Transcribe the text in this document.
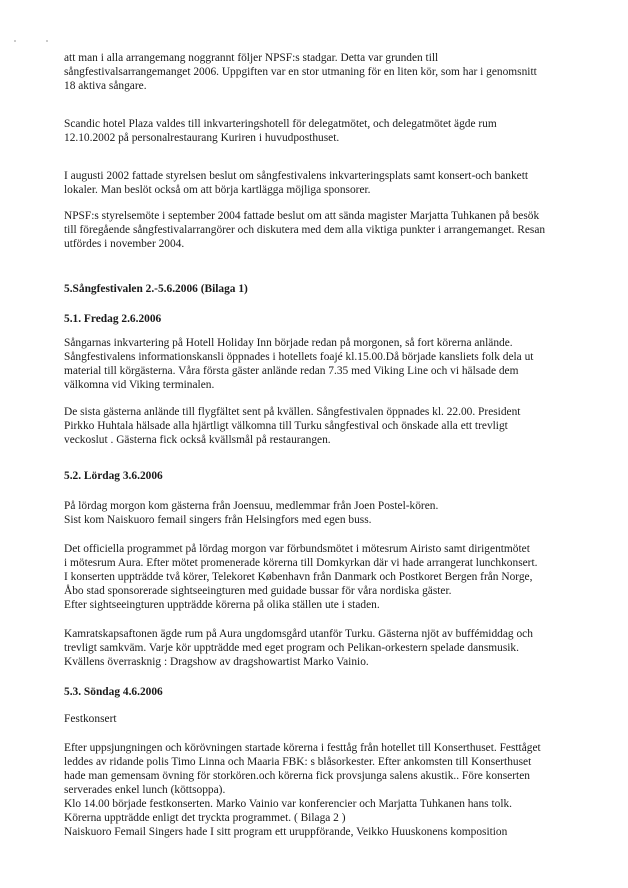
att man i alla arrangemang noggrannt följer NPSF:s stadgar. Detta var grunden till
sångfestivalsarrangemanget 2006. Uppgiften var en stor utmaning för en liten kör, som har i genomsnitt
18 aktiva sångare.
Scandic hotel Plaza valdes till inkvarteringshotell för delegatmötet, och delegatmötet ägde rum
12.10.2002 på personalrestaurang Kuriren i huvudposthuset.
I augusti 2002 fattade styrelsen beslut om sångfestivalens inkvarteringsplats samt konsert-och bankett
lokaler. Man beslöt också om att börja kartlägga möjliga sponsorer.
NPSF:s styrelsemöte i september 2004 fattade beslut om att sända magister Marjatta Tuhkanen på besök
till föregående sångfestivalarrangörer och diskutera med dem alla viktiga punkter i arrangemanget. Resan
utfördes i november 2004.
5.Sångfestivalen 2.-5.6.2006 (Bilaga 1)
5.1. Fredag 2.6.2006
Sångarnas inkvartering på Hotell Holiday Inn började redan på morgonen, så fort körerna anlände.
Sångfestivalens informationskansli öppnades i hotellets foajé kl.15.00.Då började kansliets folk dela ut
material till körgästerna. Våra första gäster anlände redan 7.35 med Viking Line och vi hälsade dem
välkomna vid Viking terminalen.
De sista gästerna anlände till flygfältet sent på kvällen. Sångfestivalen öppnades kl. 22.00. President
Pirkko Huhtala hälsade alla hjärtligt välkomna till Turku sångfestival och önskade alla ett trevligt
veckoslut . Gästerna fick också kvällsmål på restaurangen.
5.2. Lördag 3.6.2006
På lördag morgon kom gästerna från Joensuu, medlemmar från Joen Postel-kören.
Sist kom Naiskuoro femail singers från Helsingfors med egen buss.
Det officiella programmet på lördag morgon var förbundsmötet i mötesrum Airisto samt dirigentmötet
i mötesrum Aura. Efter mötet promenerade körerna till Domkyrkan där vi hade arrangerat lunchkonsert.
I konserten uppträdde två körer, Telekoret København från Danmark och Postkoret Bergen från Norge,
Åbo stad sponsorerade sightseeingturen med guidade bussar för våra nordiska gäster.
Efter sightseeingturen uppträdde körerna på olika ställen ute i staden.
Kamratskapsaftonen ägde rum på Aura ungdomsgård utanför Turku. Gästerna njöt av buffémiddag och
trevligt samkväm. Varje kör uppträdde med eget program och Pelikan-orkestern spelade dansmusik.
Kvällens överrasknig : Dragshow av dragshowartist Marko Vainio.
5.3. Söndag 4.6.2006
Festkonsert
Efter uppsjungningen och körövningen startade körerna i festtåg från hotellet till Konserthuset. Festtåget
leddes av ridande polis Timo Linna och Maaria FBK: s blåsorkester. Efter ankomsten till Konserthuset
hade man gemensam övning för storkören.och körerna fick provsjunga salens akustik.. Före konserten
serverades enkel lunch (köttsoppa).
Klo 14.00 började festkonserten. Marko Vainio var konferencier och Marjatta Tuhkanen hans tolk.
Körerna uppträdde enligt det tryckta programmet. ( Bilaga 2 )
Naiskuoro Femail Singers hade I sitt program ett uruppförande, Veikko Huuskonens komposition
